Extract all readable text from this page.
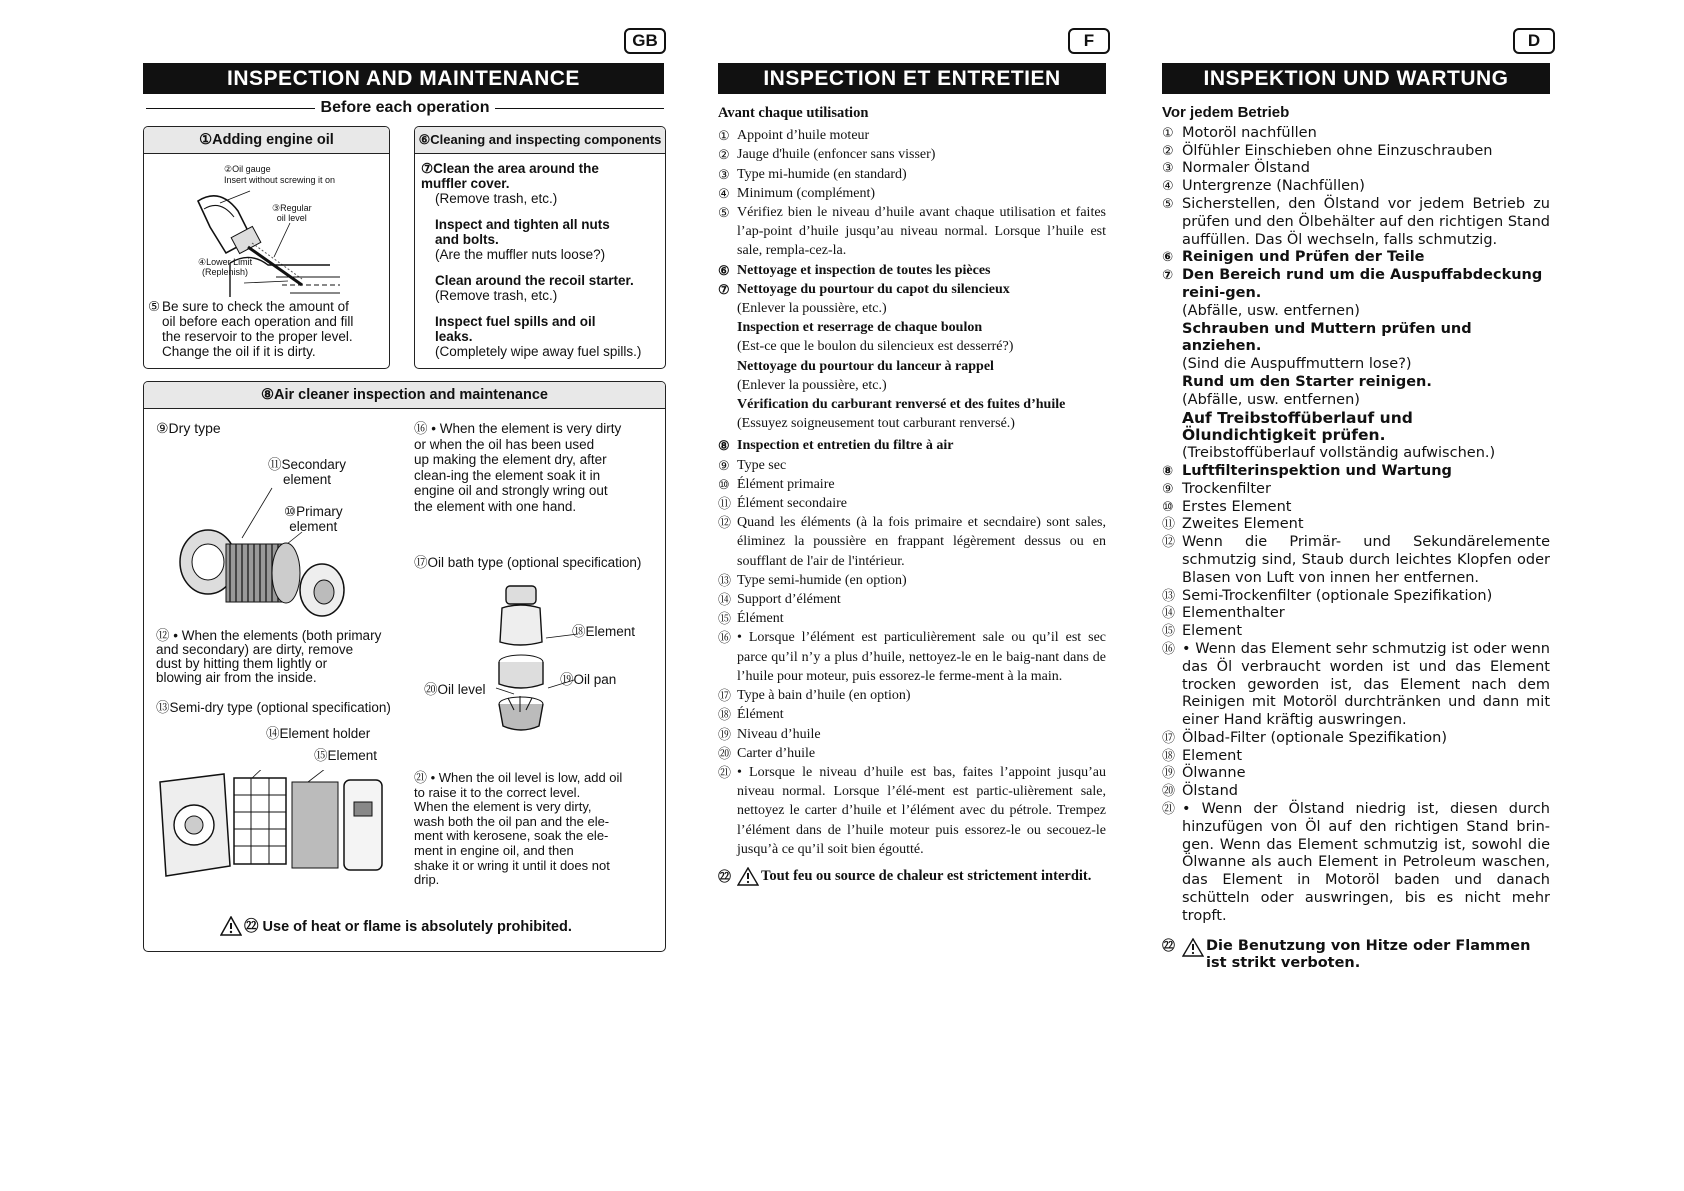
GB	F	D
INSPECTION AND MAINTENANCE	INSPECTION ET ENTRETIEN	INSPEKTION UND WARTUNG
Before each operation
①Adding engine oil
②Oil gauge
Insert without screwing it on
③Regular
oil level
④Lower Limit
(Replenish)
⑤ Be sure to check the amount of
oil before each operation and fill
the reservoir to the proper level.
Change the oil if it is dirty.
⑥Cleaning and inspecting components
⑦Clean the area around the
muffler cover.
(Remove trash, etc.)
Inspect and tighten all nuts
and bolts.
(Are the muffler nuts loose?)
Clean around the recoil starter.
(Remove trash, etc.)
Inspect fuel spills and oil
leaks.
(Completely wipe away fuel spills.)
⑧Air cleaner inspection and maintenance
⑨Dry type
⑪Secondary
element
⑩Primary
element
⑫ • When the elements (both primary
and secondary) are dirty, remove
dust by hitting them lightly or
blowing air from the inside.
⑬Semi-dry type (optional specification)
⑭Element holder
⑮Element
⑯ • When the element is very dirty
or when the oil has been used
up making the element dry, after
clean-ing the element soak it in
engine oil and strongly wring out
the element with one hand.
⑰Oil bath type (optional specification)
⑱Element
⑲Oil pan
⑳Oil level
㉑ • When the oil level is low, add oil
to raise it to the correct level.
When the element is very dirty,
wash both the oil pan and the ele-
ment with kerosene, soak the ele-
ment in engine oil, and then
shake it or wring it until it does not
drip.
㉒ Use of heat or flame is absolutely prohibited.
Avant chaque utilisation
① Appoint d’huile moteur
② Jauge d'huile (enfoncer sans visser)
③ Type mi-humide (en standard)
④ Minimum (complément)
⑤ Vérifiez bien le niveau d’huile avant chaque utilisation et faites l’ap-point d’huile jusqu’au niveau normal. Lorsque l’huile est sale, rempla-cez-la.
⑥ Nettoyage et inspection de toutes les pièces
⑦ Nettoyage du pourtour du capot du silencieux
(Enlever la poussière, etc.)
Inspection et reserrage de chaque boulon
(Est-ce que le boulon du silencieux est desserré?)
Nettoyage du pourtour du lanceur à rappel
(Enlever la poussière, etc.)
Vérification du carburant renversé et des fuites d’huile
(Essuyez soigneusement tout carburant renversé.)
⑧ Inspection et entretien du filtre à air
⑨ Type sec
⑩ Élément primaire
⑪ Élément secondaire
⑫ Quand les éléments (à la fois primaire et secndaire) sont sales, éliminez la poussière en frappant légèrement dessus ou en soufflant de l'air de l'intérieur.
⑬ Type semi-humide (en option)
⑭ Support d’élément
⑮ Élément
⑯ • Lorsque l’élément est particulièrement sale ou qu’il est sec parce qu’il n’y a plus d’huile, nettoyez-le en le baig-nant dans de l’huile pour moteur, puis essorez-le ferme-ment à la main.
⑰ Type à bain d’huile (en option)
⑱ Élément
⑲ Niveau d’huile
⑳ Carter d’huile
㉑ • Lorsque le niveau d’huile est bas, faites l’appoint jusqu’au niveau normal. Lorsque l’élé-ment est partic-ulièrement sale, nettoyez le carter d’huile et l’élément avec du pétrole. Trempez l’élément dans de l’huile moteur puis essorez-le ou secouez-le jusqu’à ce qu’il soit bien égoutté.
㉒	Tout feu ou source de chaleur est strictement interdit.
Vor jedem Betrieb
① Motoröl nachfüllen
② Ölfühler Einschieben ohne Einzuschrauben
③ Normaler Ölstand
④ Untergrenze (Nachfüllen)
⑤ Sicherstellen, den Ölstand vor jedem Betrieb zu prüfen und den Ölbehälter auf den richtigen Stand auffüllen. Das Öl wechseln, falls schmutzig.
⑥ Reinigen und Prüfen der Teile
⑦ Den Bereich rund um die Auspuffabdeckung reini-gen.
(Abfälle, usw. entfernen)
Schrauben und Muttern prüfen und anziehen.
(Sind die Auspuffmuttern lose?)
Rund um den Starter reinigen.
(Abfälle, usw. entfernen)
Auf Treibstoffüberlauf und Ölundichtigkeit prüfen.
(Treibstoffüberlauf vollständig aufwischen.)
⑧ Luftfilterinspektion und Wartung
⑨ Trockenfilter
⑩ Erstes Element
⑪ Zweites Element
⑫ Wenn die Primär- und Sekundärelemente schmutzig sind, Staub durch leichtes Klopfen oder Blasen von Luft von innen her entfernen.
⑬ Semi-Trockenfilter (optionale Spezifikation)
⑭ Elementhalter
⑮ Element
⑯ • Wenn das Element sehr schmutzig ist oder wenn das Öl verbraucht worden ist und das Element trocken geworden ist, das Element nach dem Reinigen mit Motoröl durchtränken und dann mit einer Hand kräftig auswringen.
⑰ Ölbad-Filter (optionale Spezifikation)
⑱ Element
⑲ Ölwanne
⑳ Ölstand
㉑ • Wenn der Ölstand niedrig ist, diesen durch hinzufügen von Öl auf den richtigen Stand brin-gen. Wenn das Element schmutzig ist, sowohl die Ölwanne als auch Element in Petroleum waschen, das Element in Motoröl baden und danach schütteln oder auswringen, bis es nicht mehr tropft.
㉒	Die Benutzung von Hitze oder Flammen ist strikt verboten.
